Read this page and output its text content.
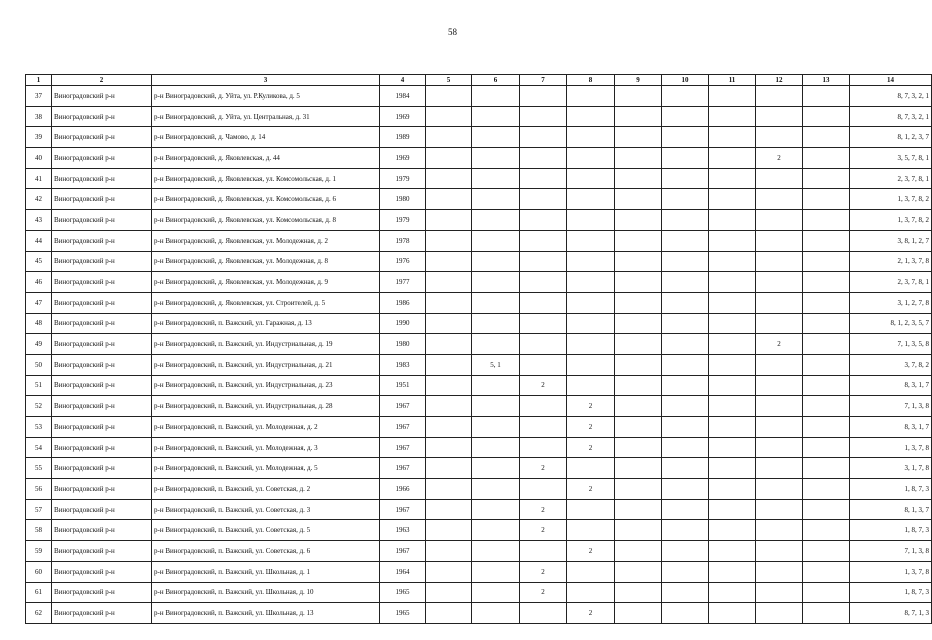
58
1	2	3	4	5	6	7	8	9	10	11	12	13	14
37	Виноградовский р-н	р-н Виноградовский, д. Уйта, ул. Р.Куликова, д. 5	1984										8, 7, 3, 2, 1
38	Виноградовский р-н	р-н Виноградовский, д. Уйта, ул. Центральная, д. 31	1969										8, 7, 3, 2, 1
39	Виноградовский р-н	р-н Виноградовский, д. Чамово, д. 14	1989										8, 1, 2, 3, 7
40	Виноградовский р-н	р-н Виноградовский, д. Яковлевская, д. 44	1969								2		3, 5, 7, 8, 1
41	Виноградовский р-н	р-н Виноградовский, д. Яковлевская, ул. Комсомольская, д. 1	1979										2, 3, 7, 8, 1
42	Виноградовский р-н	р-н Виноградовский, д. Яковлевская, ул. Комсомольская, д. 6	1980										1, 3, 7, 8, 2
43	Виноградовский р-н	р-н Виноградовский, д. Яковлевская, ул. Комсомольская, д. 8	1979										1, 3, 7, 8, 2
44	Виноградовский р-н	р-н Виноградовский, д. Яковлевская, ул. Молодежная, д. 2	1978										3, 8, 1, 2, 7
45	Виноградовский р-н	р-н Виноградовский, д. Яковлевская, ул. Молодежная, д. 8	1976										2, 1, 3, 7, 8
46	Виноградовский р-н	р-н Виноградовский, д. Яковлевская, ул. Молодежная, д. 9	1977										2, 3, 7, 8, 1
47	Виноградовский р-н	р-н Виноградовский, д. Яковлевская, ул. Строителей, д. 5	1986										3, 1, 2, 7, 8
48	Виноградовский р-н	р-н Виноградовский, п. Важский, ул. Гаражная, д. 13	1990										8, 1, 2, 3, 5, 7
49	Виноградовский р-н	р-н Виноградовский, п. Важский, ул. Индустриальная, д. 19	1980								2		7, 1, 3, 5, 8
50	Виноградовский р-н	р-н Виноградовский, п. Важский, ул. Индустриальная, д. 21	1983		5, 1								3, 7, 8, 2
51	Виноградовский р-н	р-н Виноградовский, п. Важский, ул. Индустриальная, д. 23	1951			2							8, 3, 1, 7
52	Виноградовский р-н	р-н Виноградовский, п. Важский, ул. Индустриальная, д. 28	1967				2						7, 1, 3, 8
53	Виноградовский р-н	р-н Виноградовский, п. Важский, ул. Молодежная, д. 2	1967				2						8, 3, 1, 7
54	Виноградовский р-н	р-н Виноградовский, п. Важский, ул. Молодежная, д. 3	1967				2						1, 3, 7, 8
55	Виноградовский р-н	р-н Виноградовский, п. Важский, ул. Молодежная, д. 5	1967			2							3, 1, 7, 8
56	Виноградовский р-н	р-н Виноградовский, п. Важский, ул. Советская, д. 2	1966				2						1, 8, 7, 3
57	Виноградовский р-н	р-н Виноградовский, п. Важский, ул. Советская, д. 3	1967			2							8, 1, 3, 7
58	Виноградовский р-н	р-н Виноградовский, п. Важский, ул. Советская, д. 5	1963			2							1, 8, 7, 3
59	Виноградовский р-н	р-н Виноградовский, п. Важский, ул. Советская, д. 6	1967				2						7, 1, 3, 8
60	Виноградовский р-н	р-н Виноградовский, п. Важский, ул. Школьная, д. 1	1964			2							1, 3, 7, 8
61	Виноградовский р-н	р-н Виноградовский, п. Важский, ул. Школьная, д. 10	1965			2							1, 8, 7, 3
62	Виноградовский р-н	р-н Виноградовский, п. Важский, ул. Школьная, д. 13	1965				2						8, 7, 1, 3
